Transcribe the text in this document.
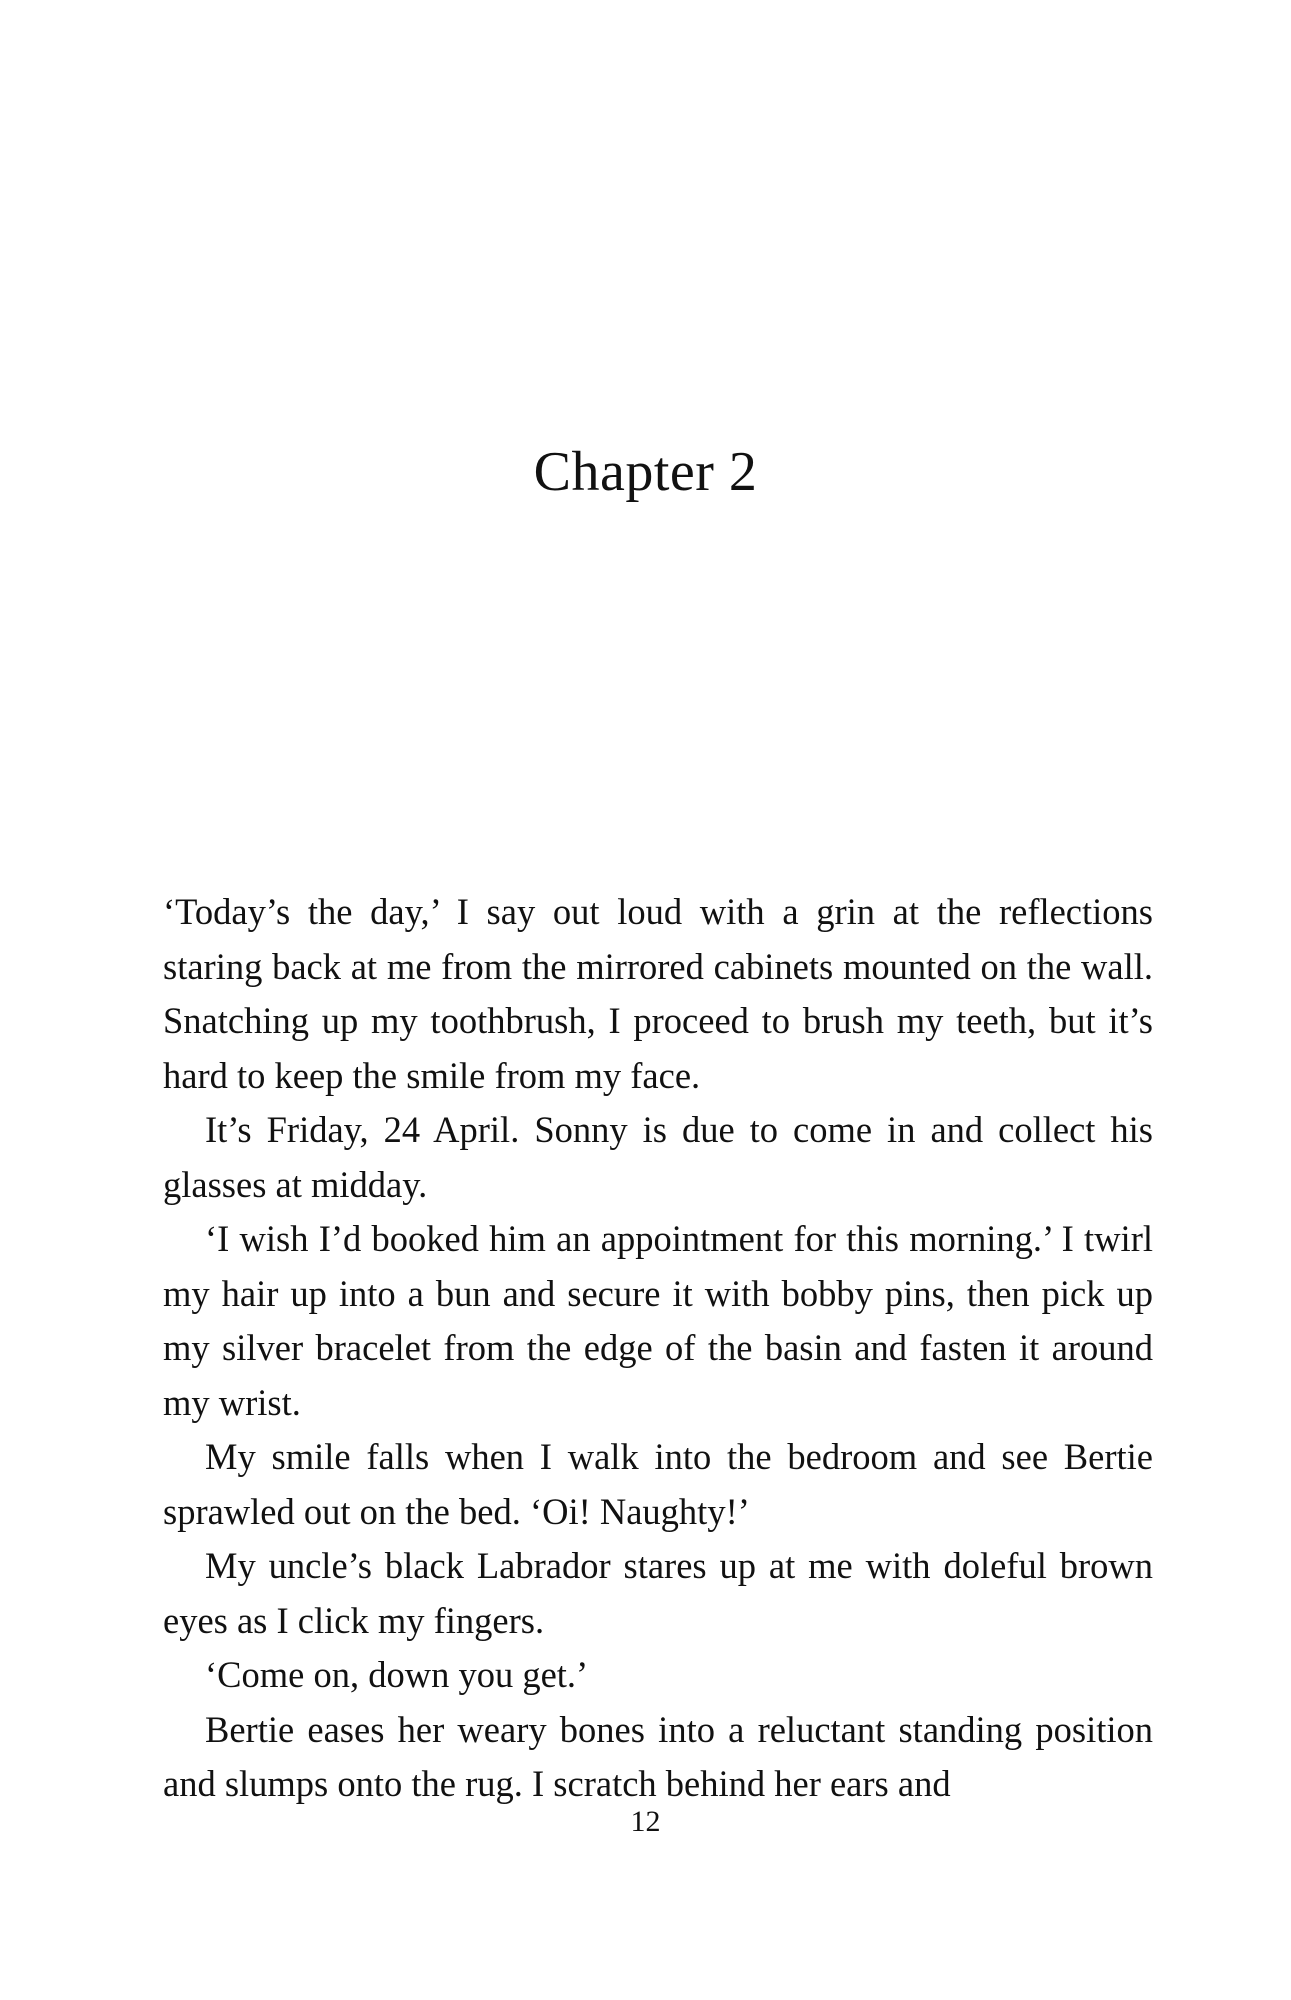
Chapter 2

‘Today’s the day,’ I say out loud with a grin at the reflections staring back at me from the mirrored cabinets mounted on the wall. Snatching up my toothbrush, I proceed to brush my teeth, but it’s hard to keep the smile from my face.

It’s Friday, 24 April. Sonny is due to come in and collect his glasses at midday.

‘I wish I’d booked him an appointment for this morning.’ I twirl my hair up into a bun and secure it with bobby pins, then pick up my silver bracelet from the edge of the basin and fasten it around my wrist.

My smile falls when I walk into the bedroom and see Bertie sprawled out on the bed. ‘Oi! Naughty!’

My uncle’s black Labrador stares up at me with doleful brown eyes as I click my fingers.

‘Come on, down you get.’

Bertie eases her weary bones into a reluctant standing position and slumps onto the rug. I scratch behind her ears and

12
